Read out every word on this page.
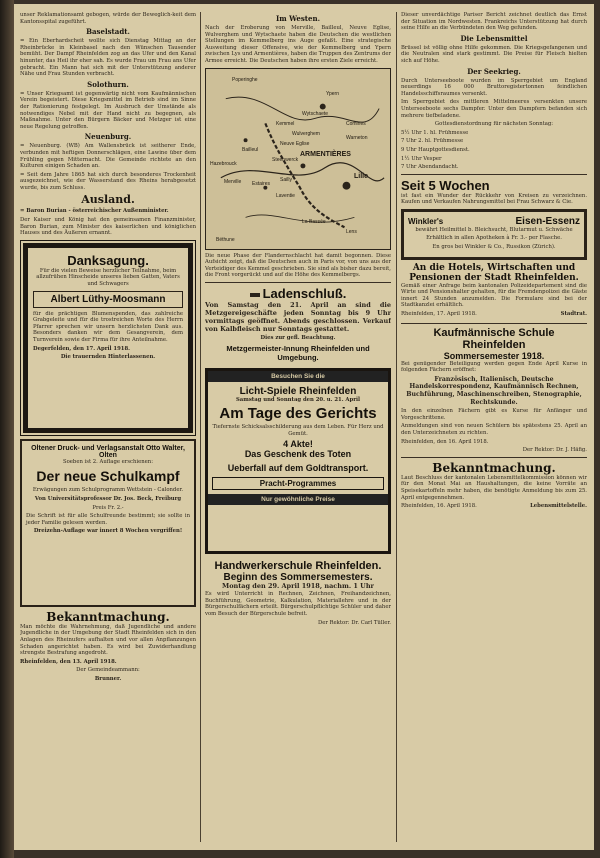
unser Reklamationsamt gebogen, würde der Beweglich-keit dem Kantonsspital zugeführt.
Baselstadt.
= Ein Eberhardscheit wollte sich Dienstag Mittag an der Rheinbrücke in Kleinbasel nach den Wünschen Tausender bemüht. Der Dampf Rheinfelden zog an das Ufer und den Kanal hinunter, das Heil ihr eher sah. Es wurde Frau um Frau ans Ufer gebracht. Ein Mann hat sich mit der Unterstützung anderer Nähe und Frau Stunden verbracht.
Solothurn.
= Unser Kriegsamt ist gegenwärtig nicht vom Kaufmännischen Verein begeistert. Diese Kriegsmittel im Betrieb sind im Sinne der Rationierung festgelegt. Im Ausbruch der Umstände als notwendiges Nebel mit der Hand nicht zu begegnen, als Maßnahme. Unter den Bürgern Bäcker und Metzger ist eine neue Regelung getroffen.
Neuenburg.
= Neuenburg. (WB) Am Wallensbrück ist seitherer Ende, verbunden mit heftigen Donnerschlägen, eine Lawine über dem Frühling gegen Mitternacht. Die Gemeinde richtete an den Kulturen einigen Schaden an.
= Seit dem Jahre 1865 hat sich durch besonderes Trockenheit ausgezeichnet, wie der Wasserstand des Rheins herabgesetzt wurde, bis zum Schluss.
Ausland.
= Baron Burian - österreichischer Außenminister.
Der Kaiser und König hat den gemeinsamen Finanzminister, Baron Burian, zum Minister des kaiserlichen und königlichen Hauses und des Äußeren ernannt.
Danksagung.
Für die vielen Beweise herzlicher Teilnahme, beim allzufrühen Hinscheide unseres lieben Gatten, Vaters und Schwagers
Albert Lüthy-Moosmann
für die prächtigen Blumenspenden, das zahlreiche Grabgeleite und für die trostreichen Worte des Herrn Pfarrer sprechen wir unsern herzlichsten Dank aus. Besonders danken wir dem Gesangverein, dem Turnverein sowie der Firma für ihre Anteilnahme.
Degerfelden, den 17. April 1918.
Die trauernden Hinterlassenen.
Oltener Druck- und Verlagsanstalt Otto Walter, Olten
Soeben ist 2. Auflage erschienen:
Der neue Schulkampf
Erwägungen zum Schulprogramm Wettstein - Calonder.
Von Universitätsprofessor Dr. Jos. Beck, Freiburg
Preis Fr. 2.-
Die Schrift ist für alle Schulfreunde bestimmt; sie sollte in jeder Familie gelesen werden.
Dreizehn-Auflage war innert 8 Wochen vergriffen!
Bekanntmachung.
Man möchte die Wahrnehmung, daß Jugendliche und andere Jugendliche in der Umgebung der Stadt Rheinfelden sich in den Anlagen des Rheinufers aufhalten und vor allen Anpflanzungen Schaden angerichtet haben. Es wird bei Zuwiderhandlung strengste Bestrafung angedroht.
Rheinfelden, den 13. April 1918.
Der Gemeindeammann:
Brunner.
Im Westen.
Nach der Eroberung von Merville, Bailleul, Neuve Eglise, Wulverghem und Wytschaete haben die Deutschen die westlichen Stellungen im Kemmelberg ins Auge gefaßt. Eine strategische Ausweitung dieser Offensive, wie der Kemmelberg und Ypern zwischen Lys und Armentières, haben die Truppen des Zentrums der Armee erreicht. Die Deutschen haben ihre ersten Ziele erreicht.
Poperinghe
Ypern
Wytschaete
Kemmel
Wulverghem
Comines
Neuve Eglise
Warneton
Bailleul
Steenwerck
ARMENTIÈRES
Hazebrouck
Merville Estaires
Sailly	Lille
Laventie
La Bassée
Béthune
Lens
Die neue Phase der Flandernschlacht hat damit begonnen. Diese Aufsicht zeigt, daß die Deutschen auch in Paris vor, von uns aus der Verteidiger des Kemmel geschrieben. Sie sind als bisher dazu bereit, die Front vorgerückt und auf die Höhe des Kemmelbergs.
Ladenschluß.
Von Samstag den 21. April an sind die Metzgereigeschäfte jeden Sonntag bis 9 Uhr vormittags geöffnet. Abends geschlossen. Verkauf von Kalbfleisch nur Sonntags gestattet.
Dies zur gefl. Beachtung.
Metzgermeister-Innung Rheinfelden und Umgebung.
Besuchen Sie die
Licht-Spiele Rheinfelden
Samstag und Sonntag den 20. u. 21. April
Am Tage des Gerichts
Tiefernste Schicksalsschilderung aus dem Leben. Für Herz und Gemüt.
4 Akte!
Das Geschenk des Toten
Ueberfall auf dem Goldtransport.
Pracht-Programmes
Nur gewöhnliche Preise
Handwerkerschule Rheinfelden.
Beginn des Sommersemesters.
Montag den 29. April 1918, nachm. 1 Uhr
Es wird Unterricht in Rechnen, Zeichnen, Freihandzeichnen, Buchführung, Geometrie, Kalkulation, Materiallehre und in der Bürgerschulfächern erteilt. Bürgerschulpflichtige Schüler und daher vom Besuch der Bürgerschule befreit.
Der Rektor: Dr. Carl Tüller.
Dieser unverdächtige Pariser Bericht zeichnet deutlich das Ernst der Situation im Nordwesten. Frankreichs Unterstützung hat durch seine Hilfe an die Verbündeten den Weg gefunden.
Die Lebensmittel
Brüssel ist völlig ohne Hilfe gekommen. Die Kriegsgefangenen und die Neutralen sind stark gestimmt. Die Preise für Fleisch hielten sich auf Höhe.
Der Seekrieg.
Durch Unterseeboote wurden im Sperrgebiet um England neuerdings 16 000 Bruttoregistertonnen feindlichen Handelsschiffsraumes versenkt.
Im Sperrgebiet des mittleren Mittelmeeres versenkten unsere Unterseeboote sechs Dampfer. Unter den Dampfern befanden sich mehrere tiefbeladene.
Gottesdienstordnung für nächsten Sonntag:
5½ Uhr 1. hl. Frühmesse
7 Uhr 2. hl. Frühmesse
9 Uhr Hauptgottesdienst.
1½ Uhr Vesper
7 Uhr Abendandacht.
Seit 5 Wochen
ist fast ein Wunder der Rückkehr von Kreisen zu verzeichnen. Kaufen und Verkaufen Nahrungsmittel bei Frau Schwarz & Cie.
Winkler's	Eisen-Essenz
bewährt Heilmittel b. Bleichsucht, Blutarmut u. Schwäche
Erhältlich in allen Apotheken à Fr. 3.- per Flasche.
En gros bei Winkler & Co., Russikon (Zürich).
An die Hotels, Wirtschaften und Pensionen der Stadt Rheinfelden.
Gemäß einer Anfrage beim kantonalen Polizeidepartement sind die Wirte und Pensionshalter gehalten, für die Fremdenpolizei die Gäste innert 24 Stunden anzumelden. Die Formulare sind bei der Stadtkanzlei erhältlich.
Rheinfelden, 17. April 1918.	Stadtrat.
Kaufmännische Schule Rheinfelden
Sommersemester 1918.
Bei genügender Beteiligung werden gegen Ende April Kurse in folgenden Fächern eröffnet:
Französisch, Italienisch, Deutsche Handelskorrespondenz, Kaufmännisch Rechnen, Buchführung, Maschinenschreiben, Stenographie, Rechtskunde.
In den einzelnen Fächern gibt es Kurse für Anfänger und Vorgeschrittene.
Anmeldungen sind von neuen Schülern bis spätestens 25. April an den Unterzeichneten zu richten.
Rheinfelden, den 16. April 1918.
Der Rektor: Dr. J. Häfig.
Bekanntmachung.
Laut Beschluss der kantonalen Lebensmittelkommission können wir für den Monat Mai an Haushaltungen, die keine Vorräte an Speisekartoffeln mehr haben, die benötigte Anmeldung bis zum 25. April entgegennehmen.
Rheinfelden, 16. April 1918.	Lebensmittelstelle.
